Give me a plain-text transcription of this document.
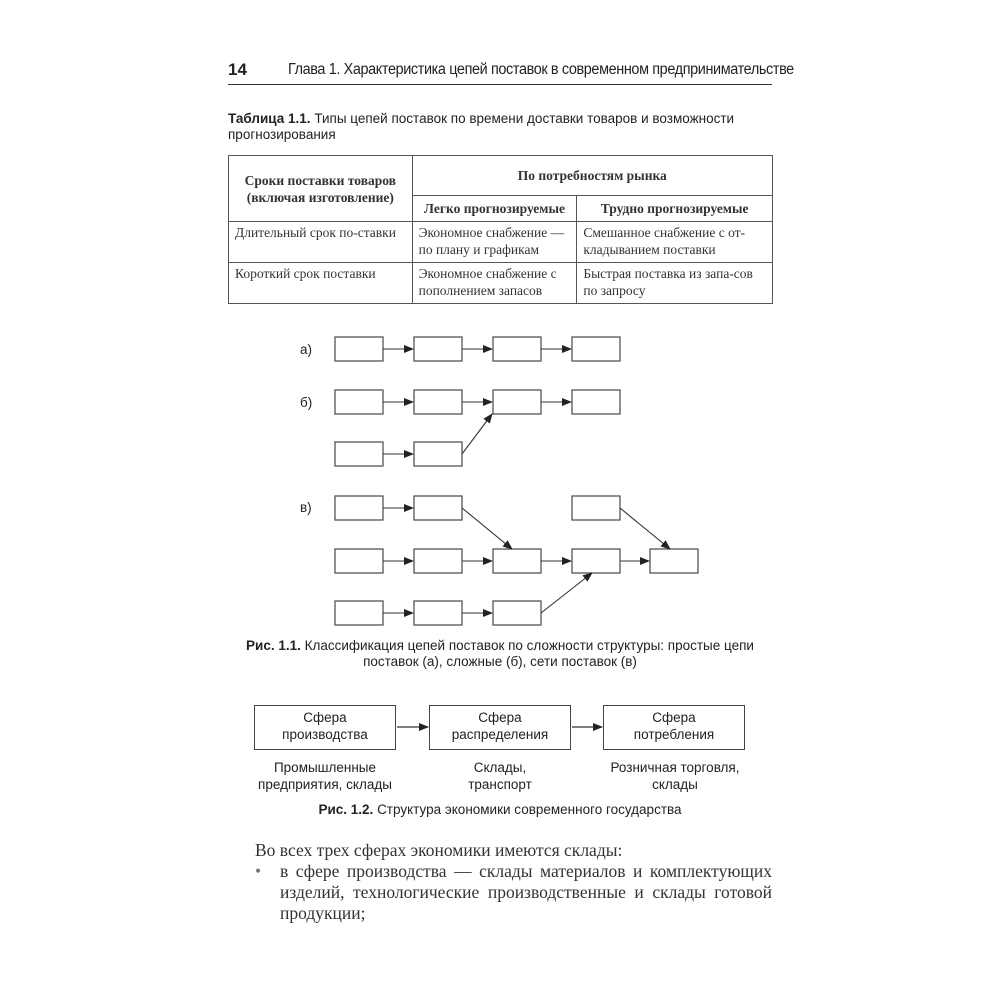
14	Глава 1. Характеристика цепей поставок в современном предпринимательстве
Таблица 1.1. Типы цепей поставок по времени доставки товаров и возможности прогнозирования
Сроки поставки товаров (включая изготовление)	По потребностям рынка	
	Легко прогнозируемые	Трудно прогнозируемые
Длительный срок по-ставки	Экономное снабжение — по плану и графикам	Смешанное снабжение с от-кладыванием поставки
Короткий срок поставки	Экономное снабжение с пополнением запасов	Быстрая поставка из запа-сов по запросу
а)
б)
в)
Рис. 1.1. Классификация цепей поставок по сложности структуры: простые цепи поставок (а), сложные (б), сети поставок (в)
Сфера производства
Сфера распределения
Сфера потребления
Промышленные предприятия, склады
Склады, транспорт
Розничная торговля, склады
Рис. 1.2. Структура экономики современного государства

Во всех трех сферах экономики имеются склады:

• в сфере производства — склады материалов и комплектующих изделий, технологические производственные и склады готовой продукции;
